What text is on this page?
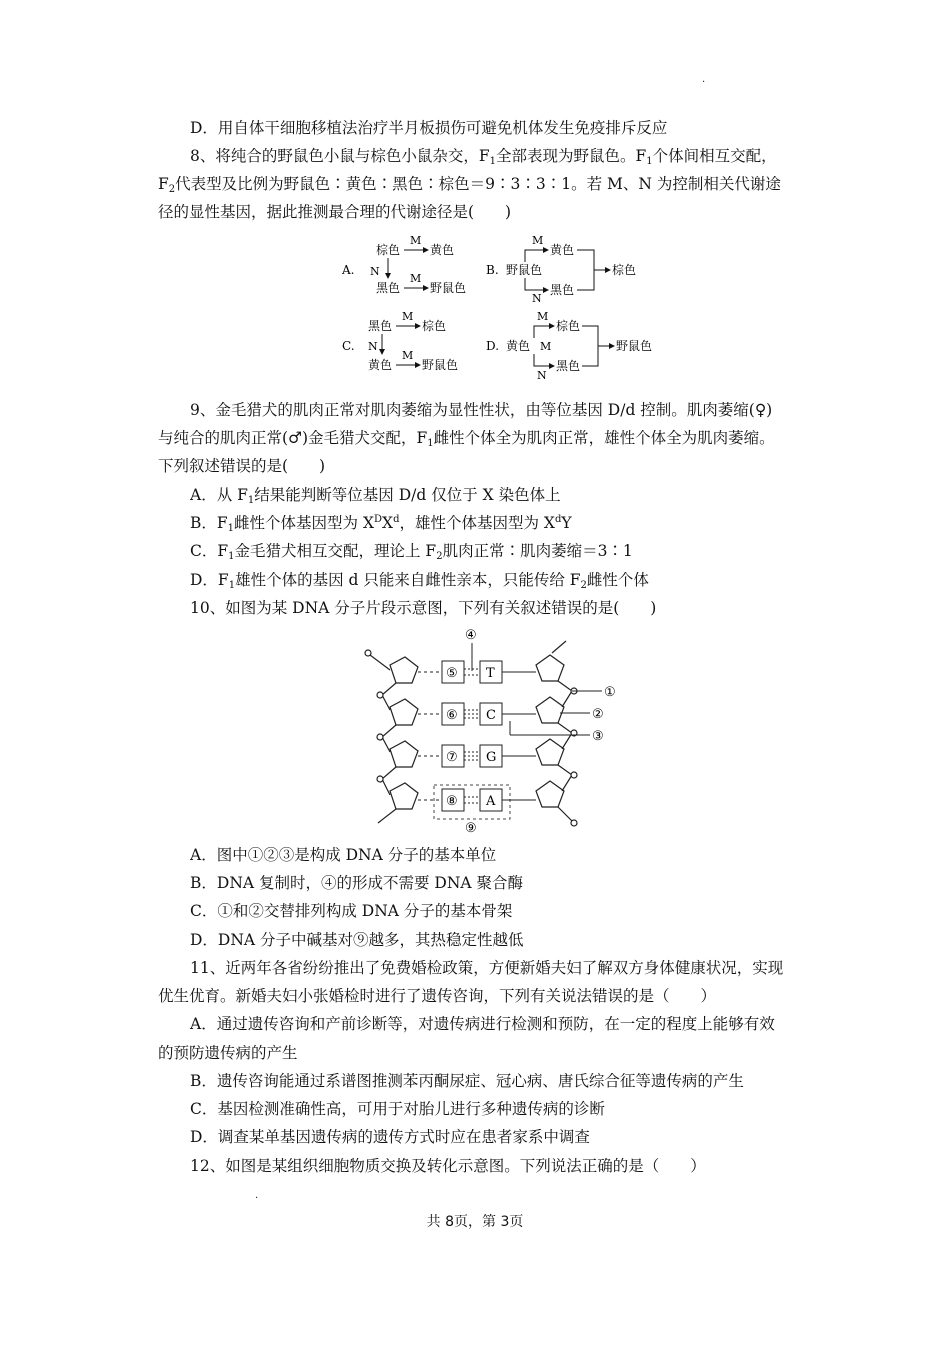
.
D．用自体干细胞移植法治疗半月板损伤可避免机体发生免疫排斥反应
8、将纯合的野鼠色小鼠与棕色小鼠杂交，$F_1$全部表现为野鼠色。$F_1$个体间相互交配，
$F_2$代表型及比例为野鼠色∶黄色∶黑色∶棕色＝9∶3∶3∶1。若 M、N 为控制相关代谢途
径的显性基因，据此推测最合理的代谢途径是(　　)
A.
棕色
M
黄色
N
黑色
M
野鼠色
B. 野鼠色
M
黄色
N
黑色
棕色
C.
黑色
M
棕色
N
黄色
M
野鼠色
D. 黄色
M
棕色
M
N
黑色
野鼠色
9、金毛猎犬的肌肉正常对肌肉萎缩为显性性状，由等位基因 D/d 控制。肌肉萎缩(♀)
与纯合的肌肉正常(♂)金毛猎犬交配，$F_1$雌性个体全为肌肉正常，雄性个体全为肌肉萎缩。
下列叙述错误的是(　　)
A．从 $F_1$结果能判断等位基因 D/d 仅位于 X 染色体上
B．$F_1$雌性个体基因型为 $X^DX^d$，雄性个体基因型为 $X^dY$
C．$F_1$金毛猎犬相互交配，理论上 $F_2$肌肉正常∶肌肉萎缩＝3∶1
D．$F_1$雄性个体的基因 d 只能来自雌性亲本，只能传给 $F_2$雌性个体
10、如图为某 DNA 分子片段示意图，下列有关叙述错误的是(　　)
⑤ T
⑥ C
⑦ G
⑧ A
④
①
②
③
⑨
A．图中①②③是构成 DNA 分子的基本单位
B．DNA 复制时，④的形成不需要 DNA 聚合酶
C．①和②交替排列构成 DNA 分子的基本骨架
D．DNA 分子中碱基对⑨越多，其热稳定性越低
11、近两年各省纷纷推出了免费婚检政策，方便新婚夫妇了解双方身体健康状况，实现
优生优育。新婚夫妇小张婚检时进行了遗传咨询，下列有关说法错误的是（　　）
A．通过遗传咨询和产前诊断等，对遗传病进行检测和预防，在一定的程度上能够有效
的预防遗传病的产生
B．遗传咨询能通过系谱图推测苯丙酮尿症、冠心病、唐氏综合征等遗传病的产生
C．基因检测准确性高，可用于对胎儿进行多种遗传病的诊断
D．调查某单基因遗传病的遗传方式时应在患者家系中调查
12、如图是某组织细胞物质交换及转化示意图。下列说法正确的是（　　）
.
共 8页，第 3页
